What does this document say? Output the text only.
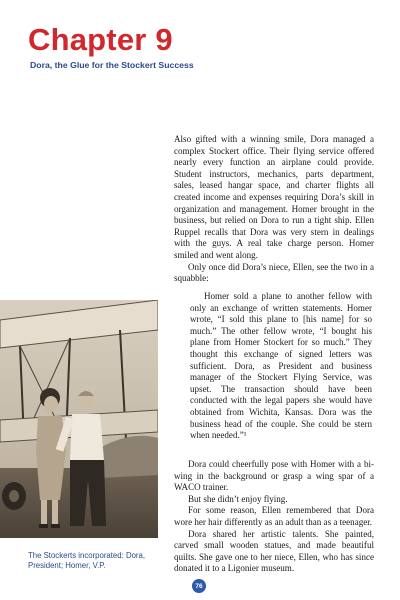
Chapter 9
Dora, the Glue for the Stockert Success

Also gifted with a winning smile, Dora managed a complex Stockert office. Their flying service offered nearly every function an airplane could provide. Student instructors, mechanics, parts department, sales, leased hangar space, and charter flights all created income and expenses requiring Dora’s skill in organization and management. Homer brought in the business, but relied on Dora to run a tight ship. Ellen Ruppel recalls that Dora was very stern in dealings with the guys. A real take charge person. Homer smiled and went along.

Only once did Dora’s niece, Ellen, see the two in a squabble:

Homer sold a plane to another fellow with only an exchange of written statements. Homer wrote, “I sold this plane to [his name] for so much.” The other fellow wrote, “I bought his plane from Homer Stockert for so much.” They thought this exchange of signed letters was sufficient. Dora, as President and business manager of the Stockert Flying Service, was upset. The transaction should have been conducted with the legal papers she would have obtained from Wichita, Kansas. Dora was the business head of the couple. She could be stern when needed.”¹

Dora could cheerfully pose with Homer with a bi-wing in the background or grasp a wing spar of a WACO trainer.

But she didn’t enjoy flying.

For some reason, Ellen remembered that Dora wore her hair differently as an adult than as a teenager.

Dora shared her artistic talents. She painted, carved small wooden statues, and made beautiful quilts. She gave one to her niece, Ellen, who has since donated it to a Ligonier museum.

The Stockerts incorporated: Dora, President; Homer, V.P.
76
